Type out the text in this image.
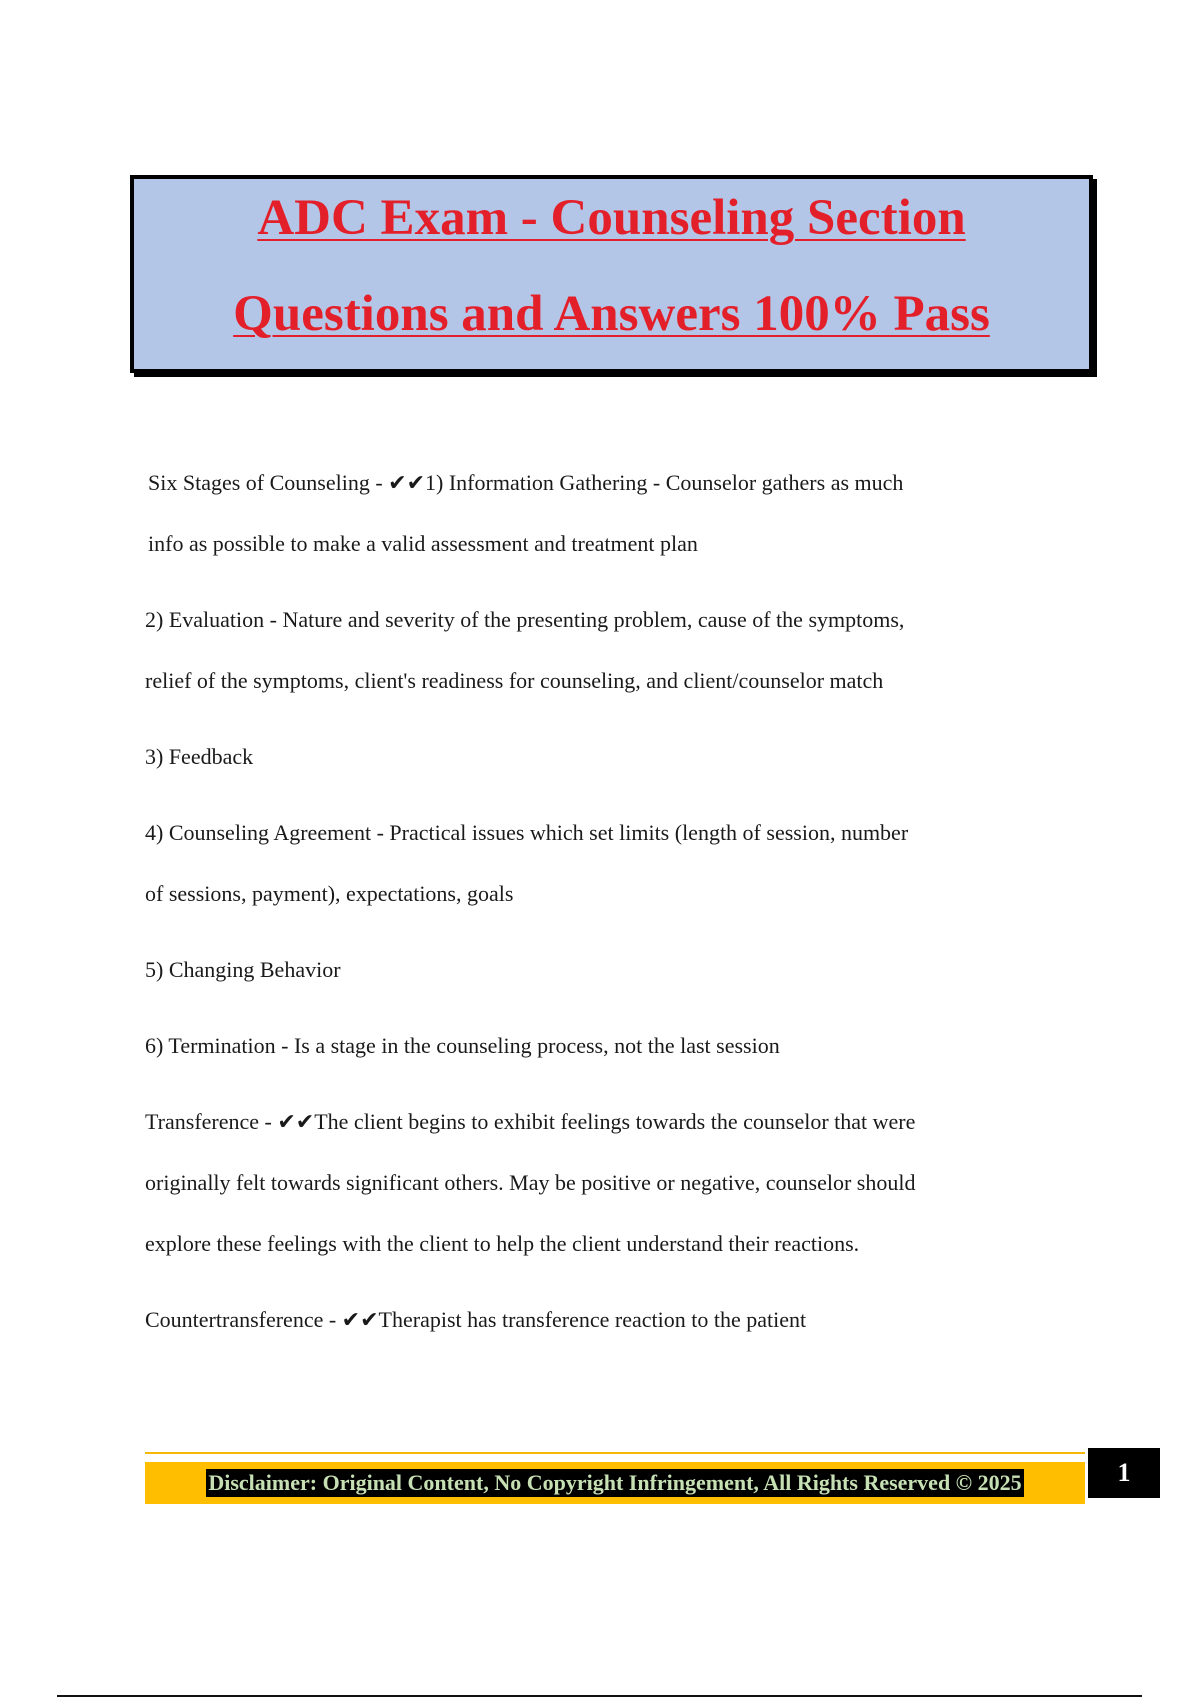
ADC Exam - Counseling Section
Questions and Answers 100% Pass
Six Stages of Counseling - ✔✔1) Information Gathering - Counselor gathers as much
info as possible to make a valid assessment and treatment plan
2) Evaluation - Nature and severity of the presenting problem, cause of the symptoms,
relief of the symptoms, client's readiness for counseling, and client/counselor match
3) Feedback
4) Counseling Agreement - Practical issues which set limits (length of session, number
of sessions, payment), expectations, goals
5) Changing Behavior
6) Termination - Is a stage in the counseling process, not the last session
Transference - ✔✔The client begins to exhibit feelings towards the counselor that were
originally felt towards significant others. May be positive or negative, counselor should
explore these feelings with the client to help the client understand their reactions.
Countertransference - ✔✔Therapist has transference reaction to the patient
Disclaimer: Original Content, No Copyright Infringement, All Rights Reserved © 2025	1
